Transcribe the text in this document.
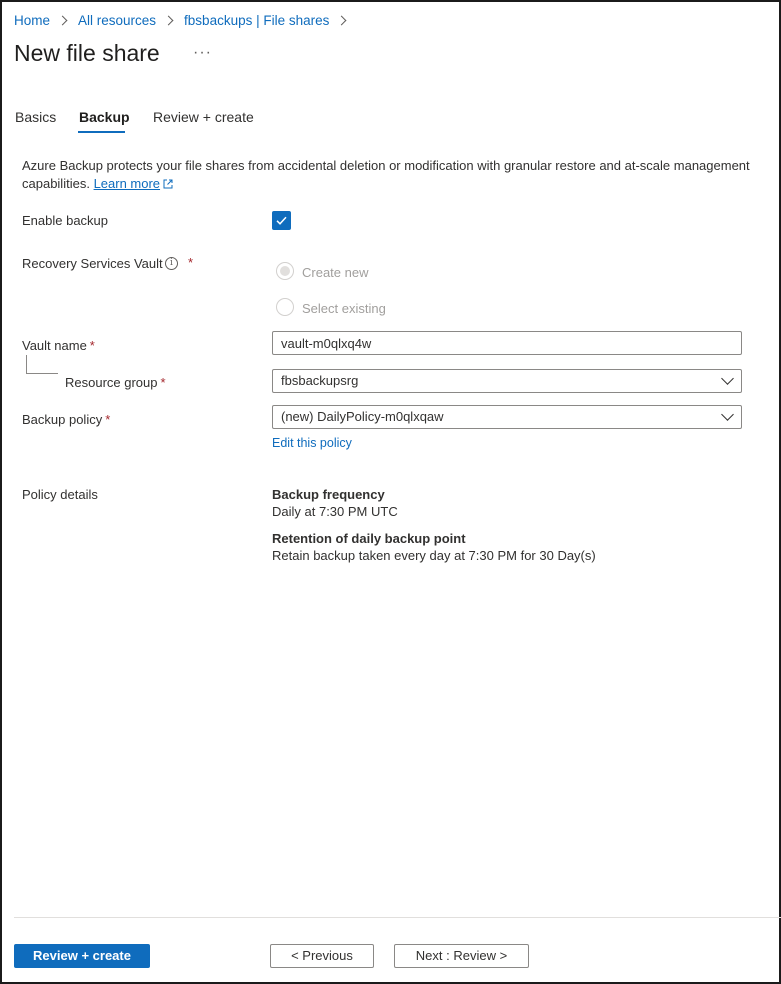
Home All resources fbsbackups | File shares
New file share ···
Basics Backup Review + create
Azure Backup protects your file shares from accidental deletion or modification with granular restore and at-scale management capabilities. Learn more
Enable backup
Recovery Services Vault i	*
Create new
Select existing
Vault name *
vault-m0qlxq4w
Resource group *	fbsbackupsrg
Backup policy *	(new) DailyPolicy-m0qlxqaw
Edit this policy
Policy details	Backup frequency
Daily at 7:30 PM UTC
Retention of daily backup point
Retain backup taken every day at 7:30 PM for 30 Day(s)
Review + create	< Previous	Next : Review >
